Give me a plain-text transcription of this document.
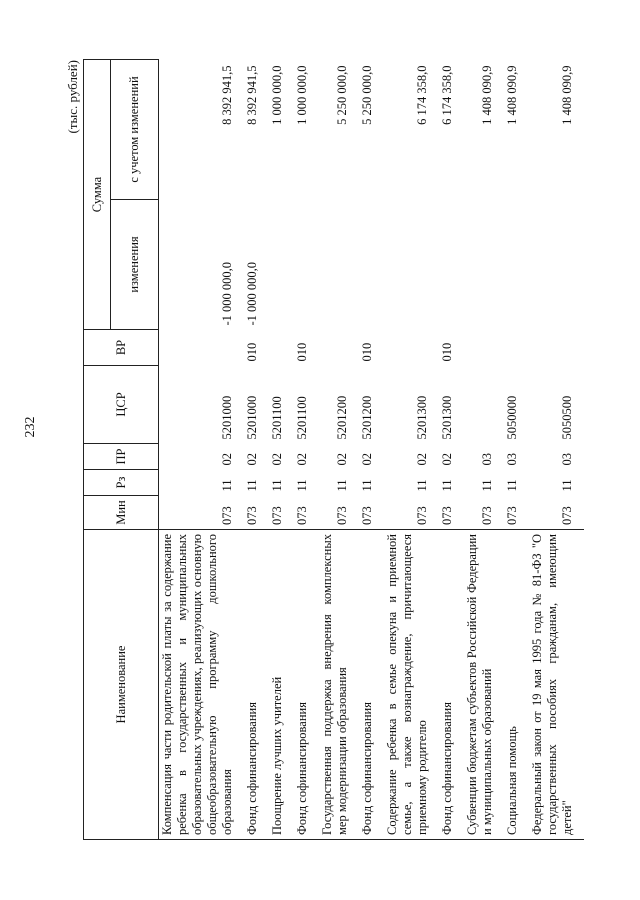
232
(тыс. рублей)
Наименование	Мин	Рз	ПР	ЦСР	ВР	Сумма	
						изменения	с учетом изменений
Компенсация части родительской платы за содержание ребенка в государственных и муниципальных образовательных учреждениях, реализующих основную общеобразовательную программу дошкольного образования	073	11	02	5201000		-1 000 000,0	8 392 941,5
Фонд софинансирования	073	11	02	5201000	010	-1 000 000,0	8 392 941,5
Поощрение лучших учителей	073	11	02	5201100			1 000 000,0
Фонд софинансирования	073	11	02	5201100	010		1 000 000,0
Государственная поддержка внедрения комплексных мер модернизации образования	073	11	02	5201200			5 250 000,0
Фонд софинансирования	073	11	02	5201200	010		5 250 000,0
Содержание ребенка в семье опекуна и приемной семье, а также вознаграждение, причитающееся приемному родителю	073	11	02	5201300			6 174 358,0
Фонд софинансирования	073	11	02	5201300	010		6 174 358,0
Субвенции бюджетам субъектов Российской Федерации и муниципальных образований	073	11	03				1 408 090,9
Социальная помощь	073	11	03	5050000			1 408 090,9
Федеральный закон от 19 мая 1995 года № 81-ФЗ "О государственных пособиях гражданам, имеющим детей"	073	11	03	5050500			1 408 090,9
